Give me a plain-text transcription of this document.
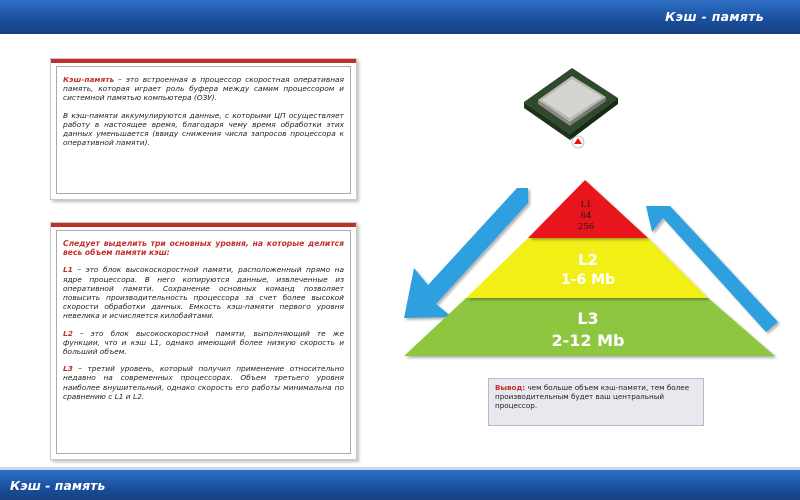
Кэш - память

Кэш-память – это встроенная в процессор скоростная оперативная память, которая играет роль буфера между самим процессором и системной памятью компьютера (ОЗУ).

В кэш-памяти аккумулируются данные, с которыми ЦП осуществляет работу в настоящее время, благодаря чему время обработки этих данных уменьшается (ввиду снижения числа запросов процессора к оперативной памяти).

Следует выделить три основных уровня, на которые делится весь объем памяти кэш:

L1 – это блок высокоскоростной памяти, расположенный прямо на ядре процессора. В него копируются данные, извлеченные из оперативной памяти. Сохранение основных команд позволяет повысить производительность процессора за счет более высокой скорости обработки данных. Емкость кэш-памяти первого уровня невелика и исчисляется килобайтами.

L2 – это блок высокоскоростной памяти, выполняющий те же функции, что и кэш L1, однако имеющий более низкую скорость и больший объем.

L3 – третий уровень, который получил применение относительно недавно на современных процессорах. Объем третьего уровня наиболее внушительный, однако скорость его работы минимальна по сравнению с L1 и L2.

L1
64
256
L2
1-6 Mb
L3
2-12 Mb
Вывод: чем больше объем кэш-памяти, тем более производительным будет ваш центральный процессор.
Кэш - память
